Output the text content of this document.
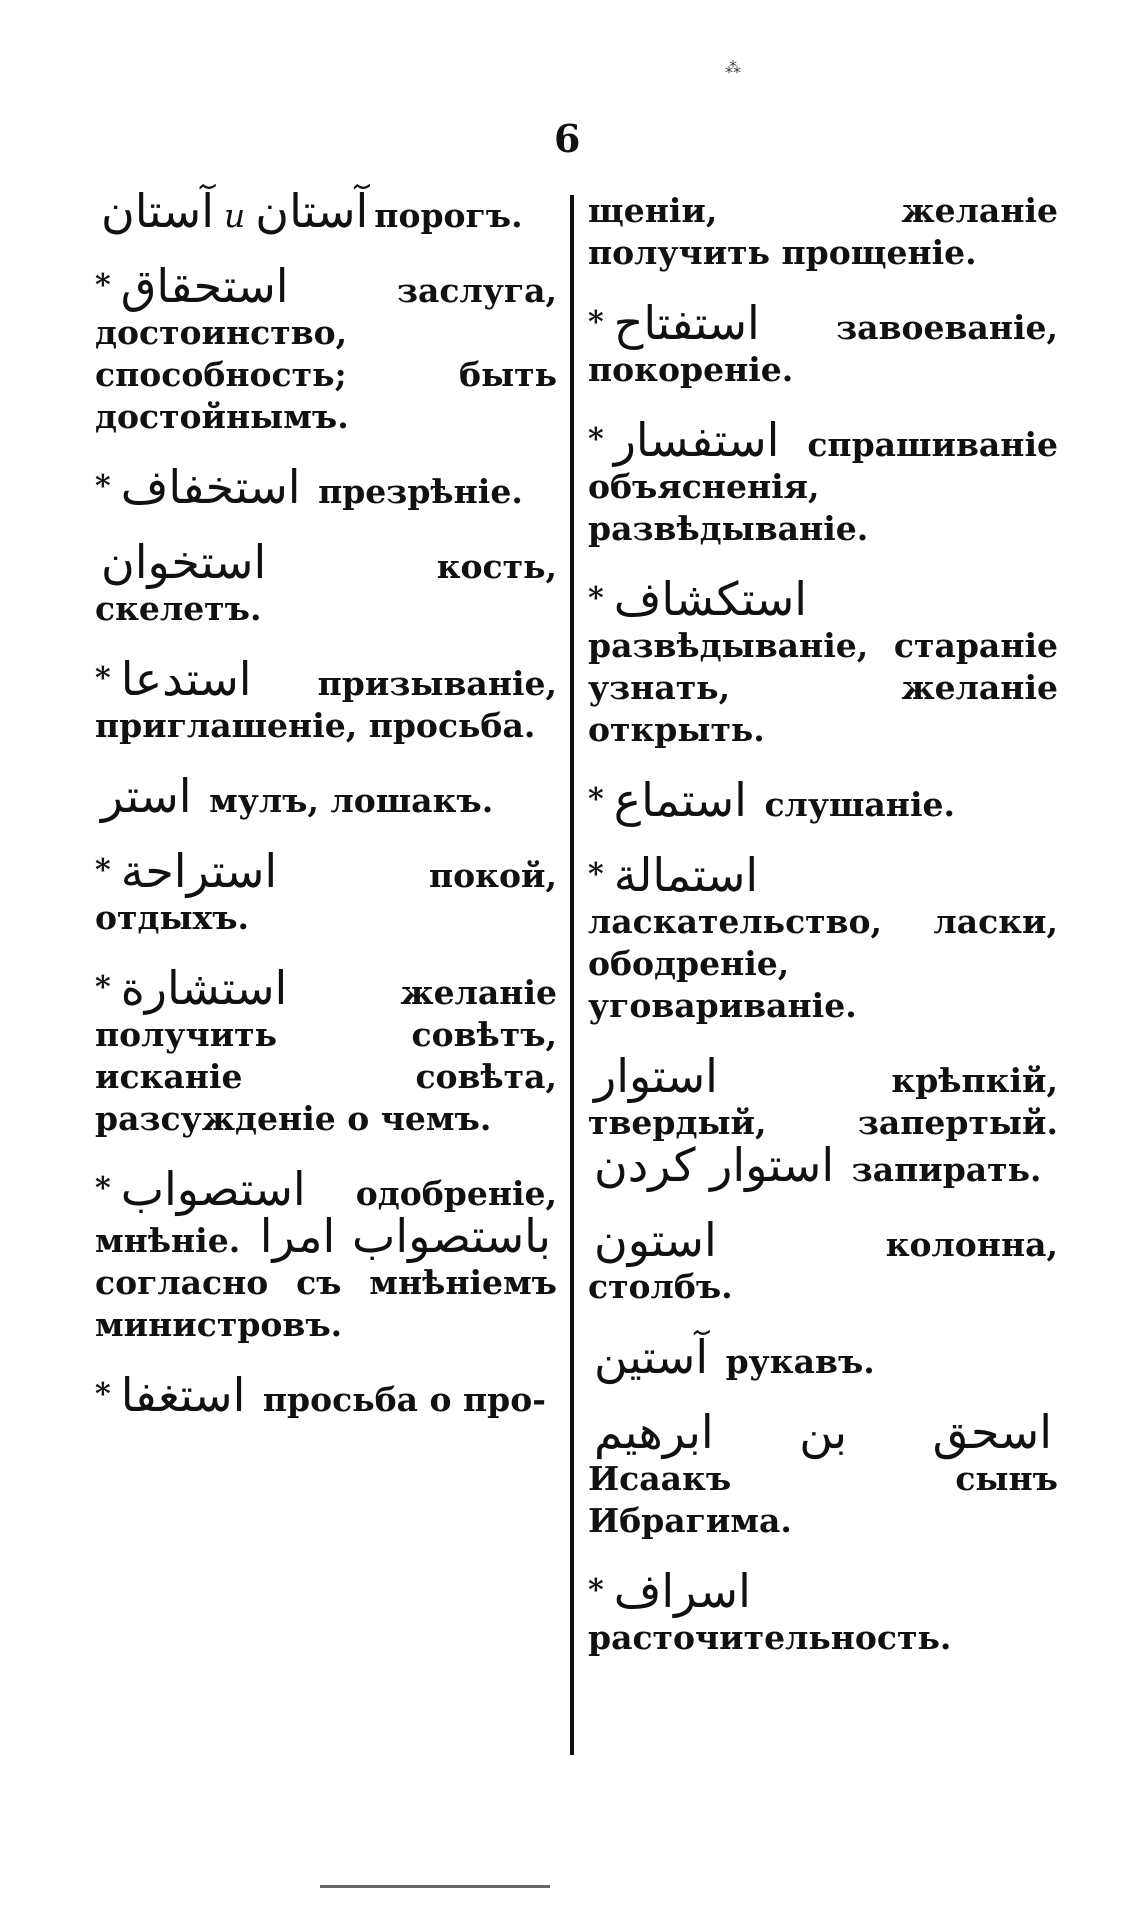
⁂
6

آستان и آستان порогъ.

* استحقاق	заслуга, достоинство, способность; быть достойнымъ.

* استخفاف презрѣніе.

استخوان	кость, скелетъ.

* استدعا призываніе, приглашеніе, просьба.

استر мулъ, лошакъ.

* استراحة	покой, отдыхъ.

* استشارة	желаніе получить совѣтъ, исканіе совѣта, разсужденіе о чемъ.

* استصواب одобреніе, мнѣніе. باستصواب امرا согласно съ мнѣніемъ министровъ.

* استغفا просьба о про-

щеніи, желаніе получить прощеніе.

* استفتاح завоеваніе, покореніе.

* استفسار спрашиваніе объясненія, развѣдываніе.

* استكشاف развѣдываніе, стараніе узнать, желаніе открыть.

* استماع слушаніе.

* استمالة ласкательство, ласки, ободреніе, уговариваніе.

استوار	крѣпкій, твердый, запертый. استوار كردن запирать.

استون	колонна, столбъ.

آستين рукавъ.

اسحق بن ابرهيم Исаакъ сынъ Ибрагима.

* اسراف расточительность.
